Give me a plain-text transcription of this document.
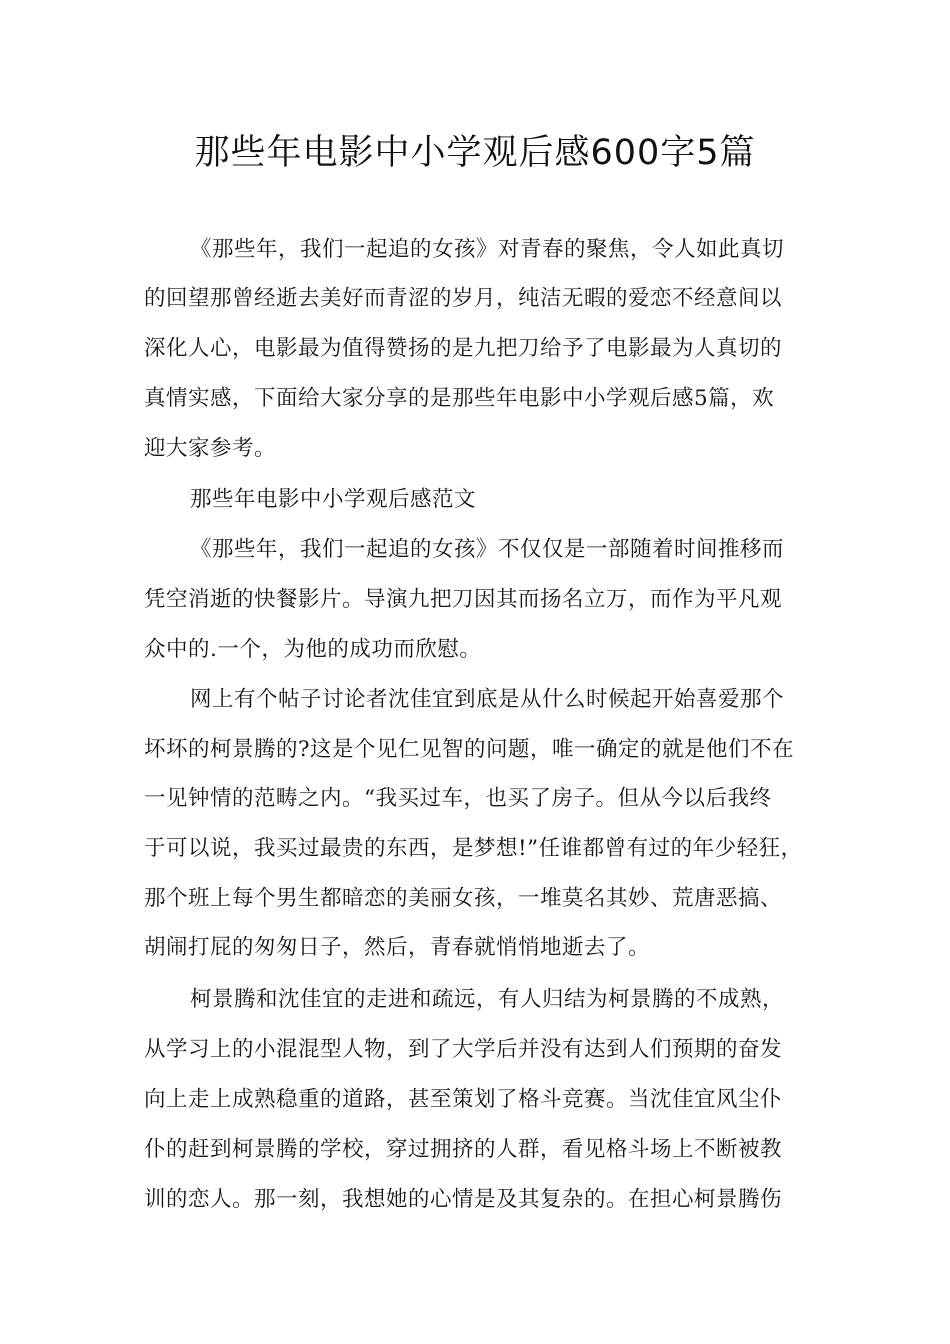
那些年电影中小学观后感600字5篇
《那些年，我们一起追的女孩》对青春的聚焦，令人如此真切
的回望那曾经逝去美好而青涩的岁月，纯洁无暇的爱恋不经意间以
深化人心，电影最为值得赞扬的是九把刀给予了电影最为人真切的
真情实感，下面给大家分享的是那些年电影中小学观后感5篇，欢
迎大家参考。
那些年电影中小学观后感范文
《那些年，我们一起追的女孩》不仅仅是一部随着时间推移而
凭空消逝的快餐影片。导演九把刀因其而扬名立万，而作为平凡观
众中的.一个，为他的成功而欣慰。
网上有个帖子讨论者沈佳宜到底是从什么时候起开始喜爱那个
坏坏的柯景腾的?这是个见仁见智的问题，唯一确定的就是他们不在
一见钟情的范畴之内。“我买过车，也买了房子。但从今以后我终
于可以说，我买过最贵的东西，是梦想!”任谁都曾有过的年少轻狂，
那个班上每个男生都暗恋的美丽女孩，一堆莫名其妙、荒唐恶搞、
胡闹打屁的匆匆日子，然后，青春就悄悄地逝去了。
柯景腾和沈佳宜的走进和疏远，有人归结为柯景腾的不成熟，
从学习上的小混混型人物，到了大学后并没有达到人们预期的奋发
向上走上成熟稳重的道路，甚至策划了格斗竞赛。当沈佳宜风尘仆
仆的赶到柯景腾的学校，穿过拥挤的人群，看见格斗场上不断被教
训的恋人。那一刻，我想她的心情是及其复杂的。在担心柯景腾伤
